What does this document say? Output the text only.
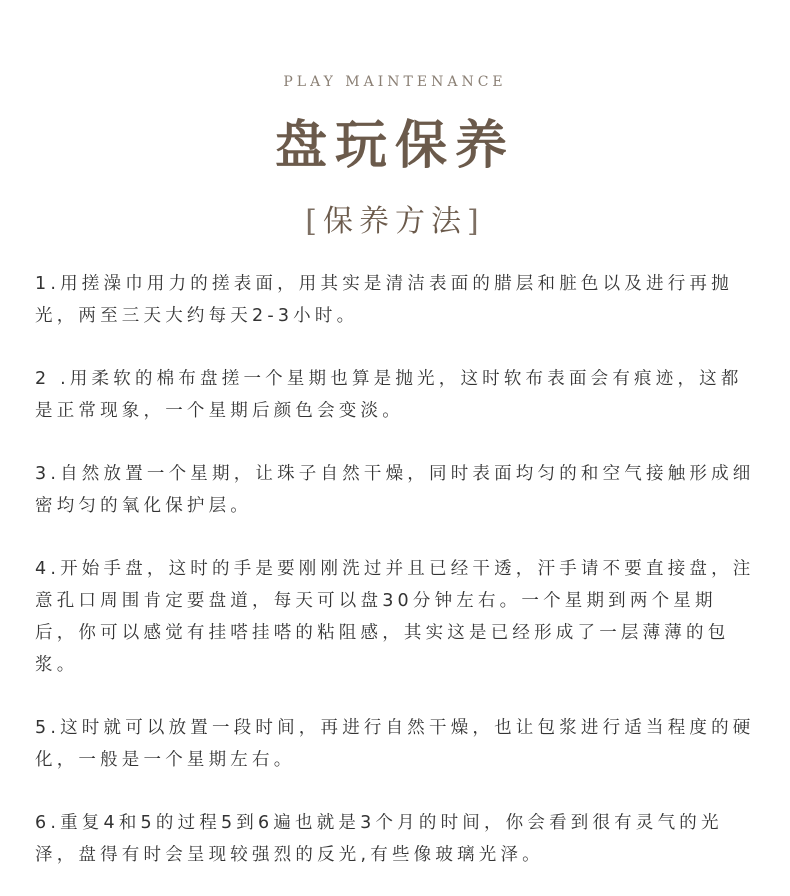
PLAY MAINTENANCE
盘玩保养
[保养方法]

1.用搓澡巾用力的搓表面，用其实是清洁表面的腊层和脏色以及进行再抛光，两至三天大约每天2-3小时。

2 .用柔软的棉布盘搓一个星期也算是抛光，这时软布表面会有痕迹，这都是正常现象，一个星期后颜色会变淡。

3.自然放置一个星期，让珠子自然干燥，同时表面均匀的和空气接触形成细密均匀的氧化保护层。

4.开始手盘，这时的手是要刚刚洗过并且已经干透，汗手请不要直接盘，注意孔口周围肯定要盘道，每天可以盘30分钟左右。一个星期到两个星期后，你可以感觉有挂嗒挂嗒的粘阻感，其实这是已经形成了一层薄薄的包浆。

5.这时就可以放置一段时间，再进行自然干燥，也让包浆进行适当程度的硬化，一般是一个星期左右。

6.重复4和5的过程5到6遍也就是3个月的时间，你会看到很有灵气的光泽，盘得有时会呈现较强烈的反光,有些像玻璃光泽。
